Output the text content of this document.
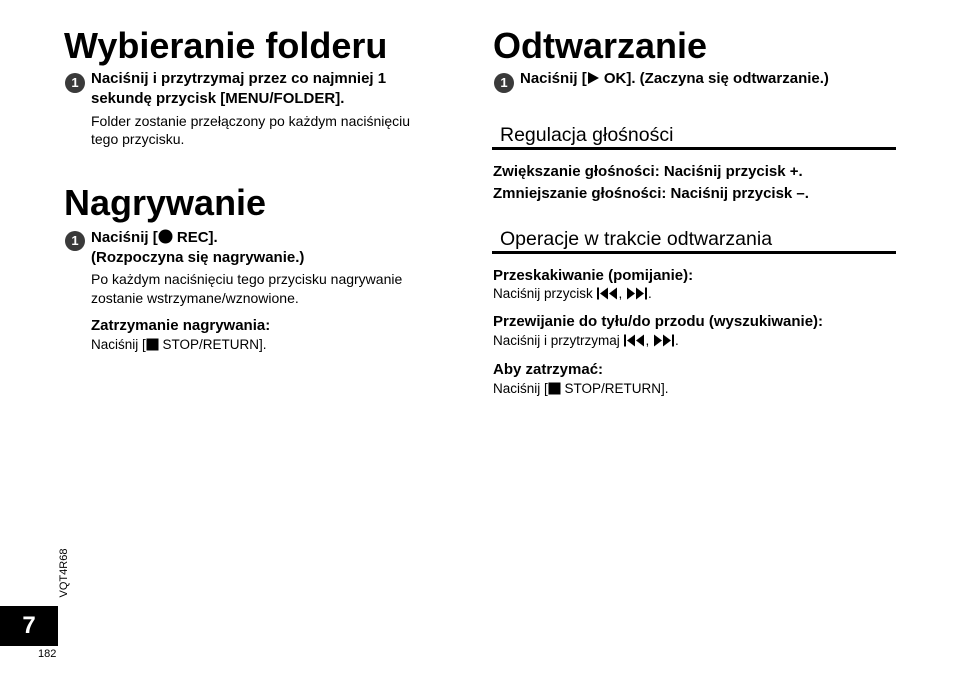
Wybieranie folderu
1 Naciśnij i przytrzymaj przez co najmniej 1
sekundę przycisk [MENU/FOLDER].
Folder zostanie przełączony po każdym naciśnięciu
tego przycisku.
Nagrywanie
1 Naciśnij [ REC].
(Rozpoczyna się nagrywanie.)
Po każdym naciśnięciu tego przycisku nagrywanie
zostanie wstrzymane/wznowione.
Zatrzymanie nagrywania:
Naciśnij [ STOP/RETURN].
Odtwarzanie
1 Naciśnij [ OK]. (Zaczyna się odtwarzanie.)
Regulacja głośności
Zwiększanie głośności: Naciśnij przycisk +.
Zmniejszanie głośności: Naciśnij przycisk –.
Operacje w trakcie odtwarzania
Przeskakiwanie (pomijanie):
Naciśnij przycisk , .
Przewijanie do tyłu/do przodu (wyszukiwanie):
Naciśnij i przytrzymaj , .
Aby zatrzymać:
Naciśnij [ STOP/RETURN].
VQT4R68
7
182
